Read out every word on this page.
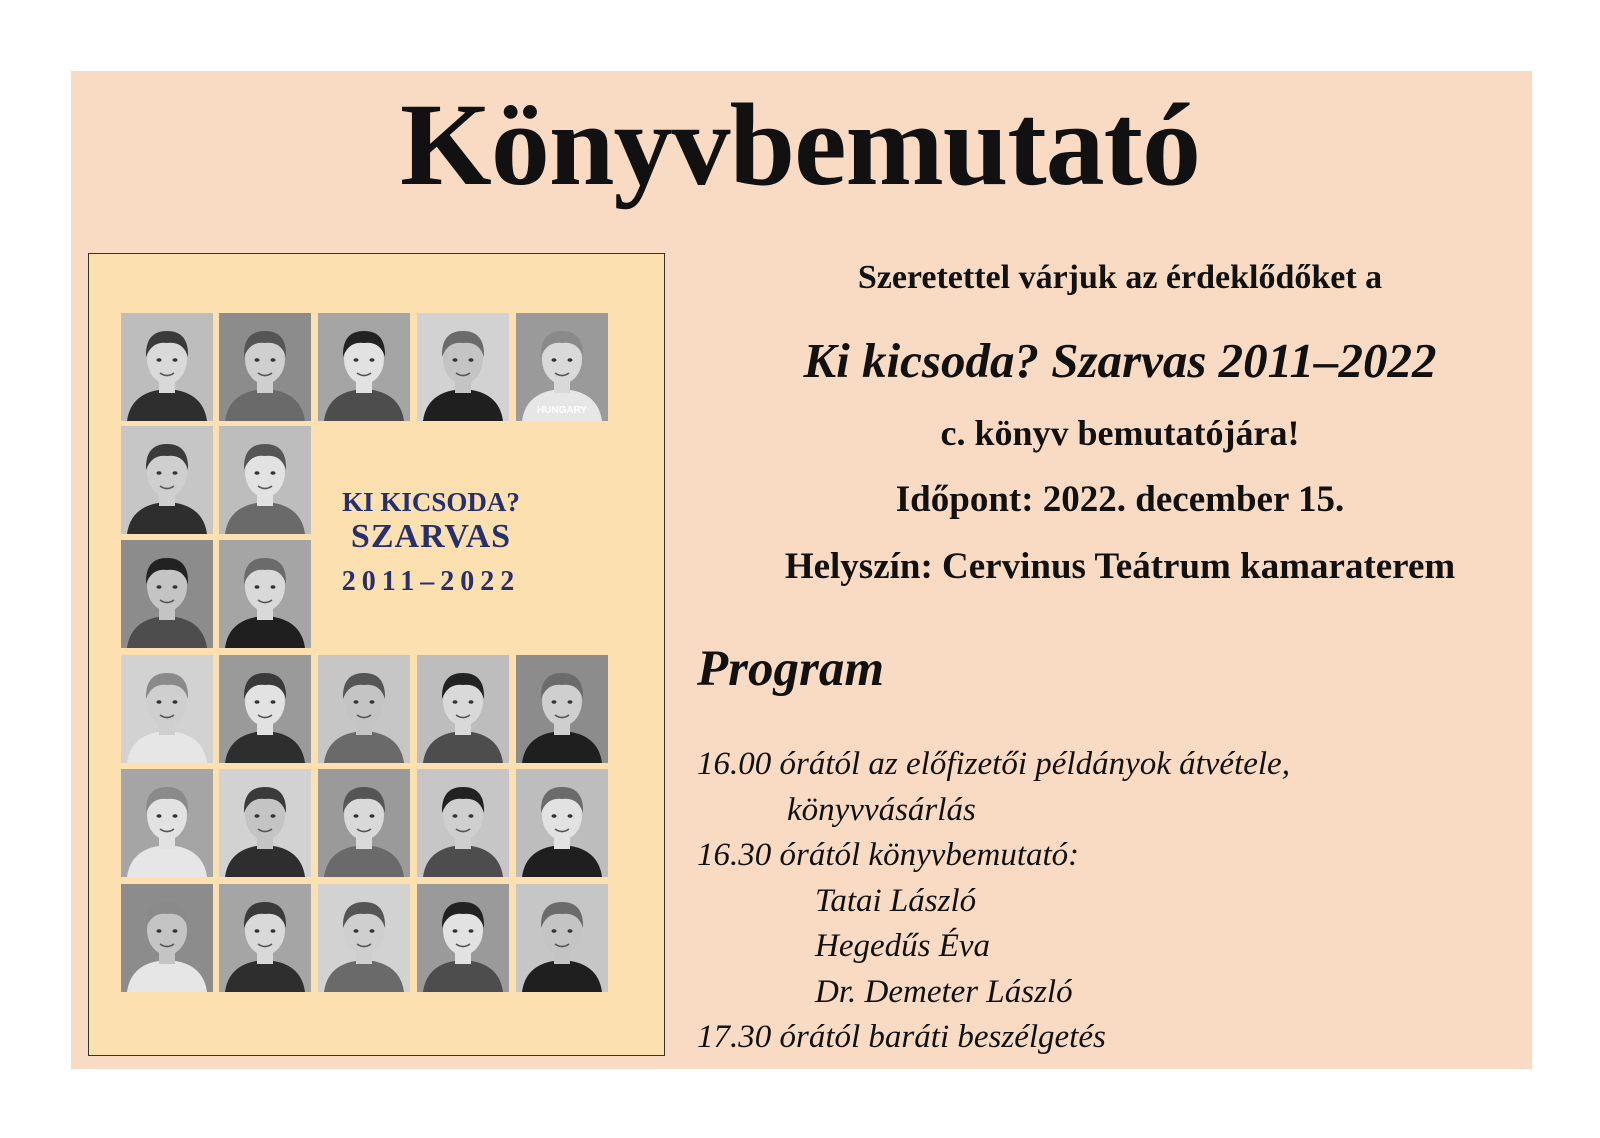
Könyvbemutató
KI KICSODA?
SZARVAS
2011–2022
HUNGARY
Szeretettel várjuk az érdeklődőket a
Ki kicsoda? Szarvas 2011–2022
c. könyv bemutatójára!
Időpont: 2022. december 15.
Helyszín: Cervinus Teátrum kamaraterem
Program
16.00 órától az előfizetői példányok átvétele,
könyvvásárlás
16.30 órától könyvbemutató:
Tatai László
Hegedűs Éva
Dr. Demeter László
17.30 órától baráti beszélgetés
